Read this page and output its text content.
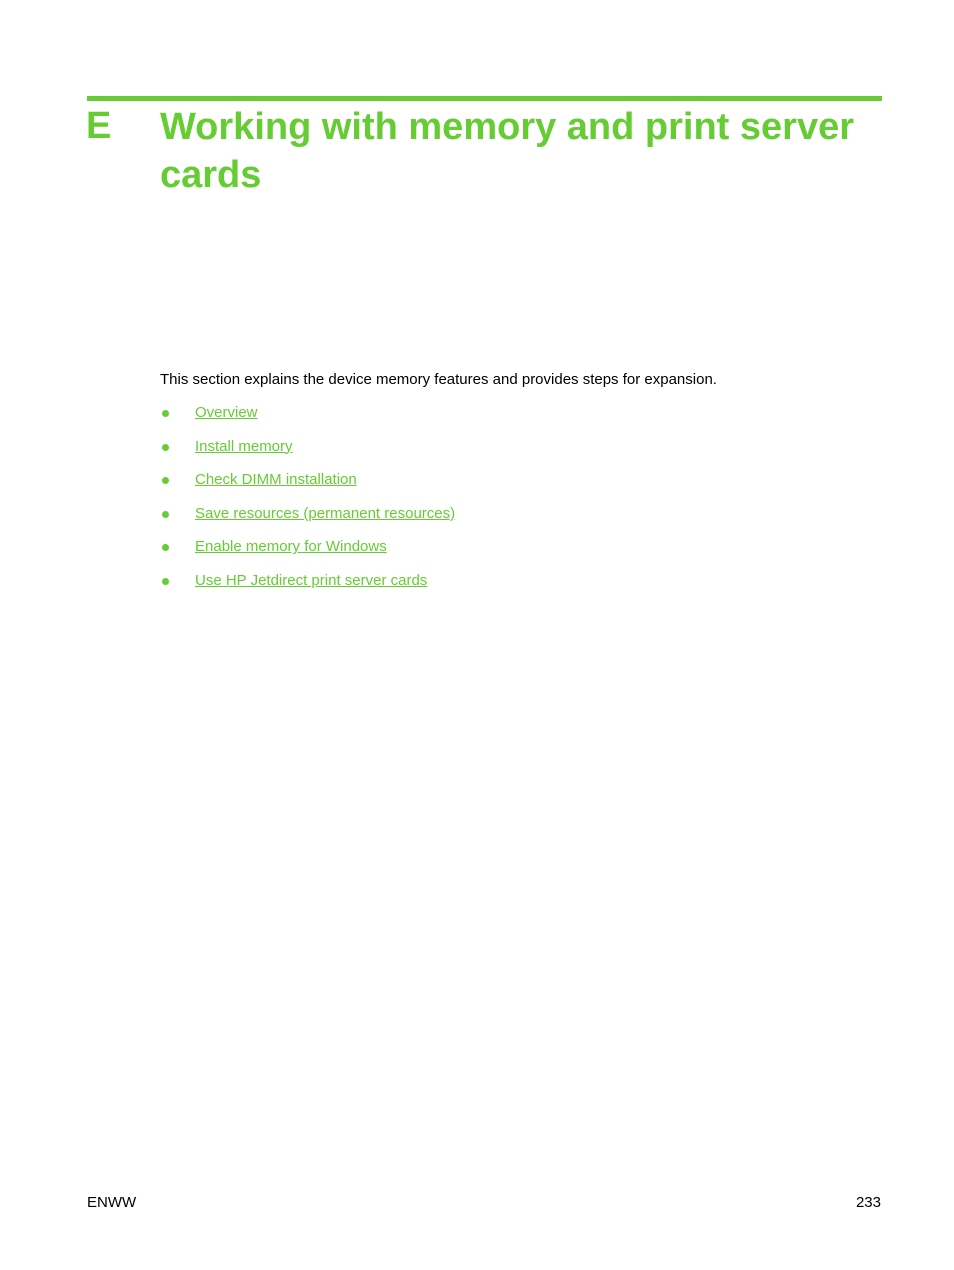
E Working with memory and print server cards

This section explains the device memory features and provides steps for expansion.

Overview
Install memory
Check DIMM installation
Save resources (permanent resources)
Enable memory for Windows
Use HP Jetdirect print server cards
ENWW	233
